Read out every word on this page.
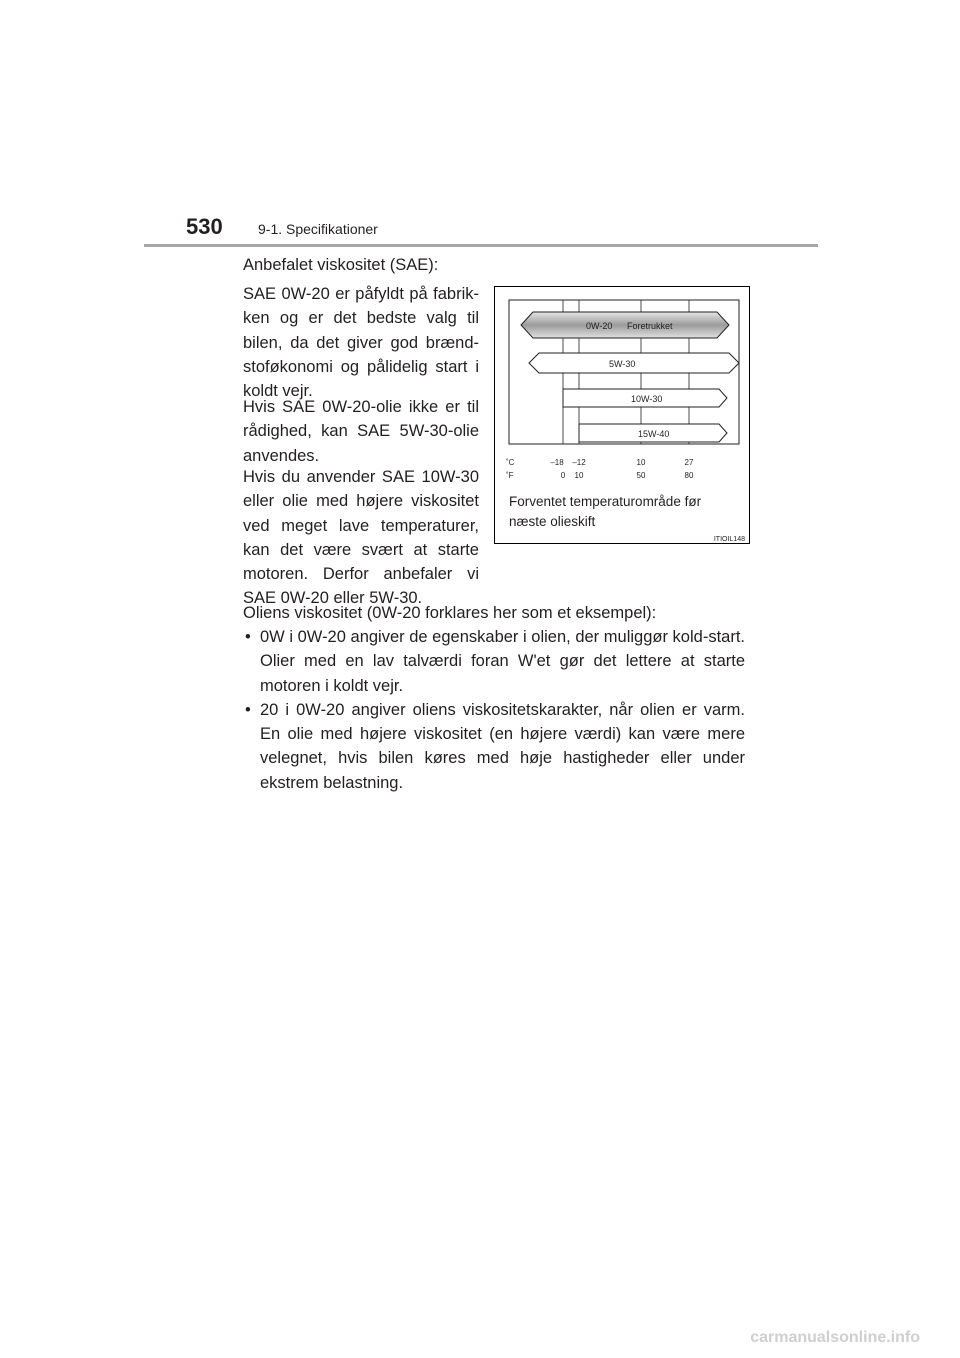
530	9-1. Specifikationer
Anbefalet viskositet (SAE):

SAE 0W-20 er påfyldt på fabrik-ken og er det bedste valg til bilen, da det giver god brænd-stoføkonomi og pålidelig start i koldt vejr.

Hvis SAE 0W-20-olie ikke er til rådighed, kan SAE 5W-30-olie anvendes.

Hvis du anvender SAE 10W-30 eller olie med højere viskositet ved meget lave temperaturer, kan det være svært at starte motoren. Derfor anbefaler vi SAE 0W-20 eller 5W-30.

0W-20 Foretrukket
5W-30
10W-30
15W-40
˚C
˚F
–18 –12	10	27
0 10	50	80
Forventet temperaturområde før
næste olieskift
ITIOIL148
Oliens viskositet (0W-20 forklares her som et eksempel):
• 0W i 0W-20 angiver de egenskaber i olien, der muliggør kold-start. Olier med en lav talværdi foran W'et gør det lettere at starte motoren i koldt vejr.
• 20 i 0W-20 angiver oliens viskositetskarakter, når olien er varm. En olie med højere viskositet (en højere værdi) kan være mere velegnet, hvis bilen køres med høje hastigheder eller under ekstrem belastning.
carmanualsonline.info
